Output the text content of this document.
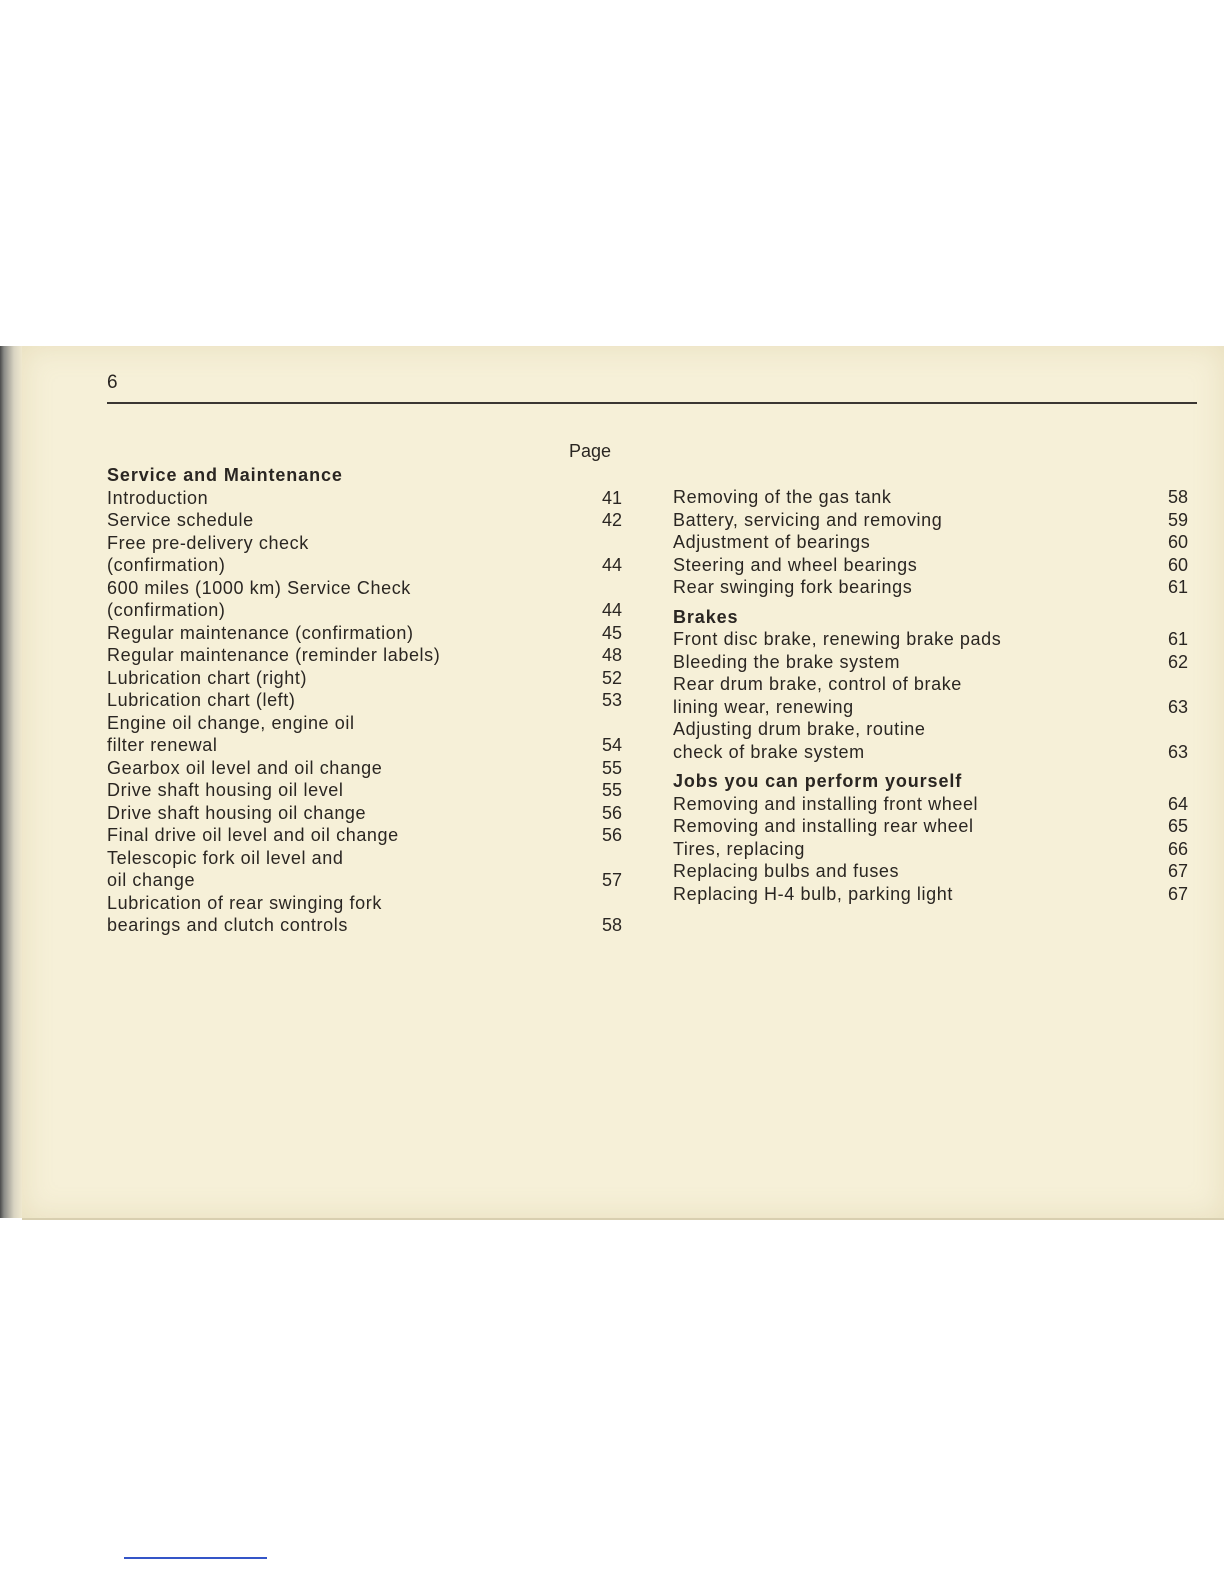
6
Page
Service and Maintenance
Introduction	41
Service schedule	42
Free pre-delivery check
(confirmation)	44
600 miles (1000 km) Service Check
(confirmation)	44
Regular maintenance (confirmation)	45
Regular maintenance (reminder labels)	48
Lubrication chart (right)	52
Lubrication chart (left)	53
Engine oil change, engine oil
filter renewal	54
Gearbox oil level and oil change	55
Drive shaft housing oil level	55
Drive shaft housing oil change	56
Final drive oil level and oil change	56
Telescopic fork oil level and
oil change	57
Lubrication of rear swinging fork
bearings and clutch controls	58
Removing of the gas tank	58
Battery, servicing and removing	59
Adjustment of bearings	60
Steering and wheel bearings	60
Rear swinging fork bearings	61
Brakes
Front disc brake, renewing brake pads	61
Bleeding the brake system	62
Rear drum brake, control of brake
lining wear, renewing	63
Adjusting drum brake, routine
check of brake system	63
Jobs you can perform yourself
Removing and installing front wheel	64
Removing and installing rear wheel	65
Tires, replacing	66
Replacing bulbs and fuses	67
Replacing H-4 bulb, parking light	67
